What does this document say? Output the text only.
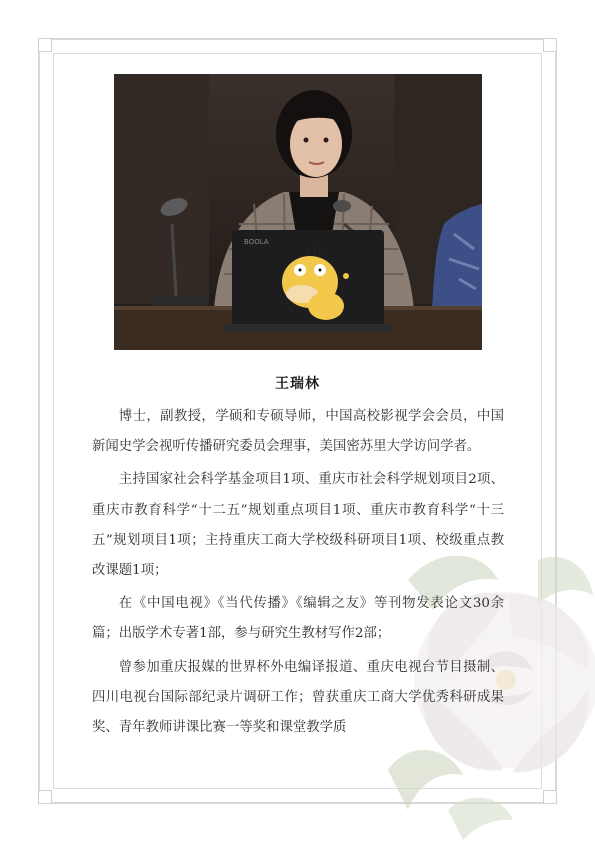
BOOLA
王瑞林

博士，副教授，学硕和专硕导师，中国高校影视学会会员，中国新闻史学会视听传播研究委员会理事，美国密苏里大学访问学者。

主持国家社会科学基金项目1项、重庆市社会科学规划项目2项、重庆市教育科学“十二五”规划重点项目1项、重庆市教育科学“十三五”规划项目1项；主持重庆工商大学校级科研项目1项、校级重点教改课题1项；

在《中国电视》《当代传播》《编辑之友》等刊物发表论文30余篇；出版学术专著1部，参与研究生教材写作2部；

曾参加重庆报媒的世界杯外电编译报道、重庆电视台节目摄制、四川电视台国际部纪录片调研工作；曾获重庆工商大学优秀科研成果奖、青年教师讲课比赛一等奖和课堂教学质
